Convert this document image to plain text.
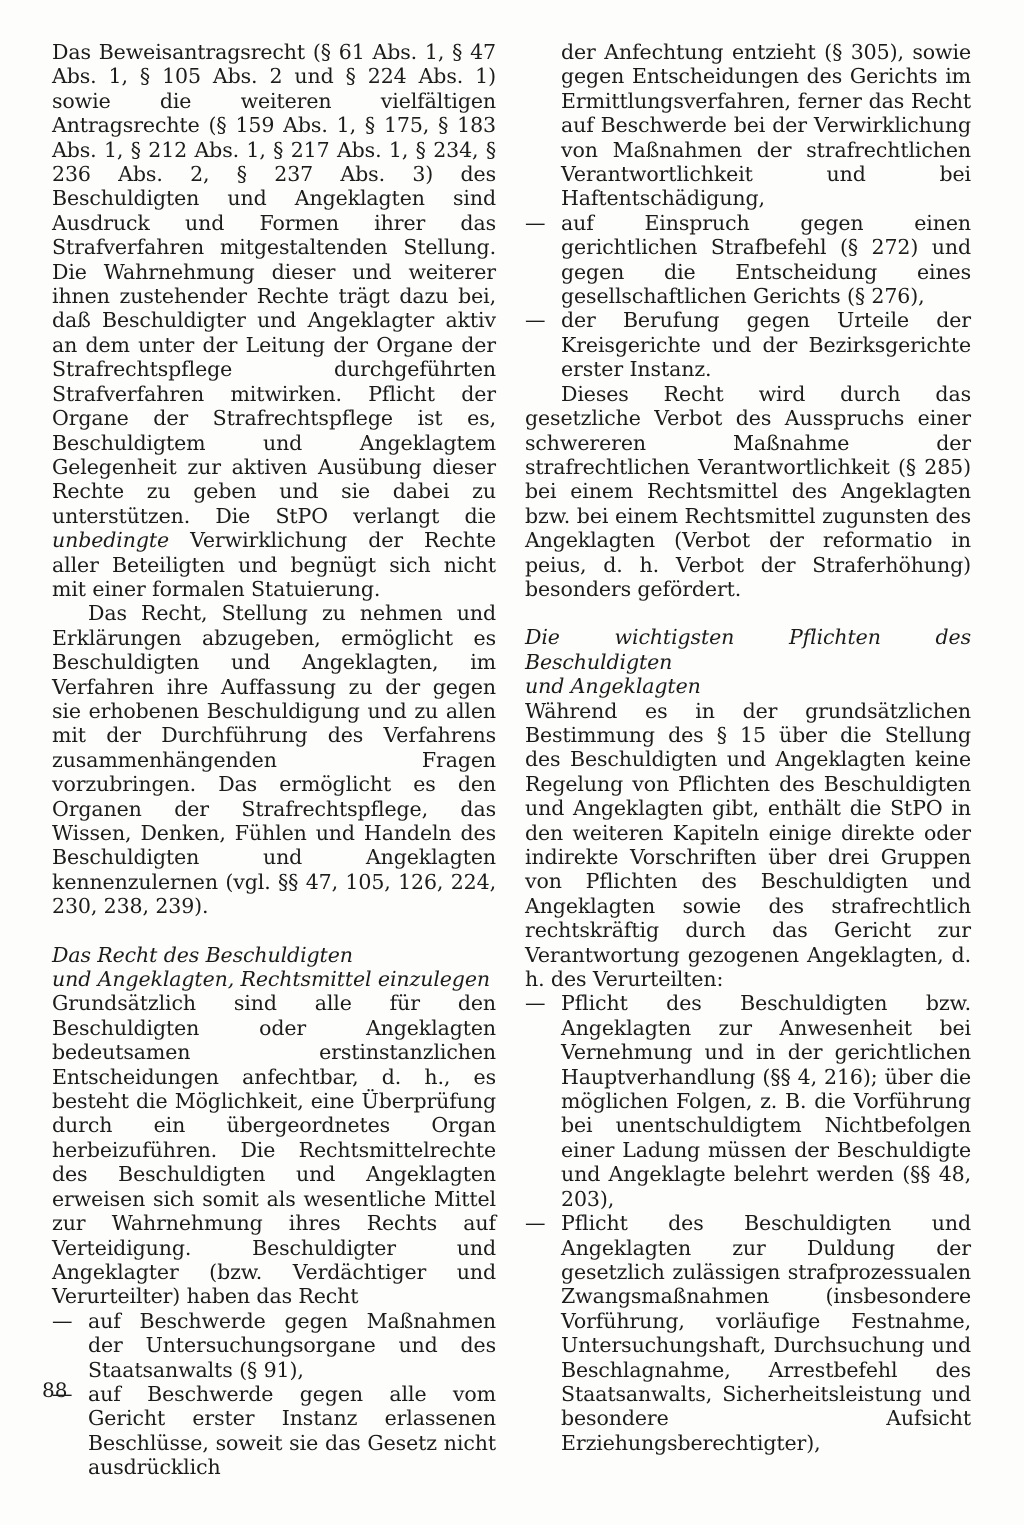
Das Beweisantragsrecht (§ 61 Abs. 1, § 47 Abs. 1, § 105 Abs. 2 und § 224 Abs. 1) sowie die weiteren vielfältigen Antragsrechte (§ 159 Abs. 1, § 175, § 183 Abs. 1, § 212 Abs. 1, § 217 Abs. 1, § 234, § 236 Abs. 2, § 237 Abs. 3) des Beschuldigten und Angeklagten sind Ausdruck und Formen ihrer das Strafverfahren mitgestaltenden Stellung. Die Wahrnehmung dieser und weiterer ihnen zustehender Rechte trägt dazu bei, daß Beschuldigter und Angeklagter aktiv an dem unter der Leitung der Organe der Strafrechtspflege durchgeführten Strafverfahren mitwirken. Pflicht der Organe der Strafrechtspflege ist es, Beschuldigtem und Angeklagtem Gelegenheit zur aktiven Ausübung dieser Rechte zu geben und sie dabei zu unterstützen. Die StPO verlangt die unbedingte Verwirklichung der Rechte aller Beteiligten und begnügt sich nicht mit einer formalen Statuierung.

Das Recht, Stellung zu nehmen und Erklärungen abzugeben, ermöglicht es Beschuldigten und Angeklagten, im Verfahren ihre Auffassung zu der gegen sie erhobenen Beschuldigung und zu allen mit der Durchführung des Verfahrens zusammenhängenden Fragen vorzubringen. Das ermöglicht es den Organen der Strafrechtspflege, das Wissen, Denken, Fühlen und Handeln des Beschuldigten und Angeklagten kennenzulernen (vgl. §§ 47, 105, 126, 224, 230, 238, 239).

Das Recht des Beschuldigten
und Angeklagten, Rechtsmittel einzulegen

Grundsätzlich sind alle für den Beschuldigten oder Angeklagten bedeutsamen erstinstanzlichen Entscheidungen anfechtbar, d. h., es besteht die Möglichkeit, eine Überprüfung durch ein übergeordnetes Organ herbeizuführen. Die Rechtsmittelrechte des Beschuldigten und Angeklagten erweisen sich somit als wesentliche Mittel zur Wahrnehmung ihres Rechts auf Verteidigung. Beschuldigter und Angeklagter (bzw. Verdächtiger und Verurteilter) haben das Recht

— auf Beschwerde gegen Maßnahmen der Untersuchungsorgane und des Staatsanwalts (§ 91),
— auf Beschwerde gegen alle vom Gericht erster Instanz erlassenen Beschlüsse, soweit sie das Gesetz nicht ausdrücklich

der Anfechtung entzieht (§ 305), sowie gegen Entscheidungen des Gerichts im Ermittlungsverfahren, ferner das Recht auf Beschwerde bei der Verwirklichung von Maßnahmen der strafrechtlichen Verantwortlichkeit und bei Haftentschädigung,

— auf Einspruch gegen einen gerichtlichen Strafbefehl (§ 272) und gegen die Entscheidung eines gesellschaftlichen Gerichts (§ 276),
— der Berufung gegen Urteile der Kreisgerichte und der Bezirksgerichte erster Instanz.

Dieses Recht wird durch das gesetzliche Verbot des Ausspruchs einer schwereren Maßnahme der strafrechtlichen Verantwortlichkeit (§ 285) bei einem Rechtsmittel des Angeklagten bzw. bei einem Rechtsmittel zugunsten des Angeklagten (Verbot der reformatio in peius, d. h. Verbot der Straferhöhung) besonders gefördert.

Die wichtigsten Pflichten des Beschuldigten
und Angeklagten

Während es in der grundsätzlichen Bestimmung des § 15 über die Stellung des Beschuldigten und Angeklagten keine Regelung von Pflichten des Beschuldigten und Angeklagten gibt, enthält die StPO in den weiteren Kapiteln einige direkte oder indirekte Vorschriften über drei Gruppen von Pflichten des Beschuldigten und Angeklagten sowie des strafrechtlich rechtskräftig durch das Gericht zur Verantwortung gezogenen Angeklagten, d. h. des Verurteilten:

— Pflicht des Beschuldigten bzw. Angeklagten zur Anwesenheit bei Vernehmung und in der gerichtlichen Hauptverhandlung (§§ 4, 216); über die möglichen Folgen, z. B. die Vorführung bei unentschuldigtem Nichtbefolgen einer Ladung müssen der Beschuldigte und Angeklagte belehrt werden (§§ 48, 203),
— Pflicht des Beschuldigten und Angeklagten zur Duldung der gesetzlich zulässigen strafprozessualen Zwangsmaßnahmen (insbesondere Vorführung, vorläufige Festnahme, Untersuchungshaft, Durchsuchung und Beschlagnahme, Arrestbefehl des Staatsanwalts, Sicherheitsleistung und besondere Aufsicht Erziehungsberechtigter),
88
